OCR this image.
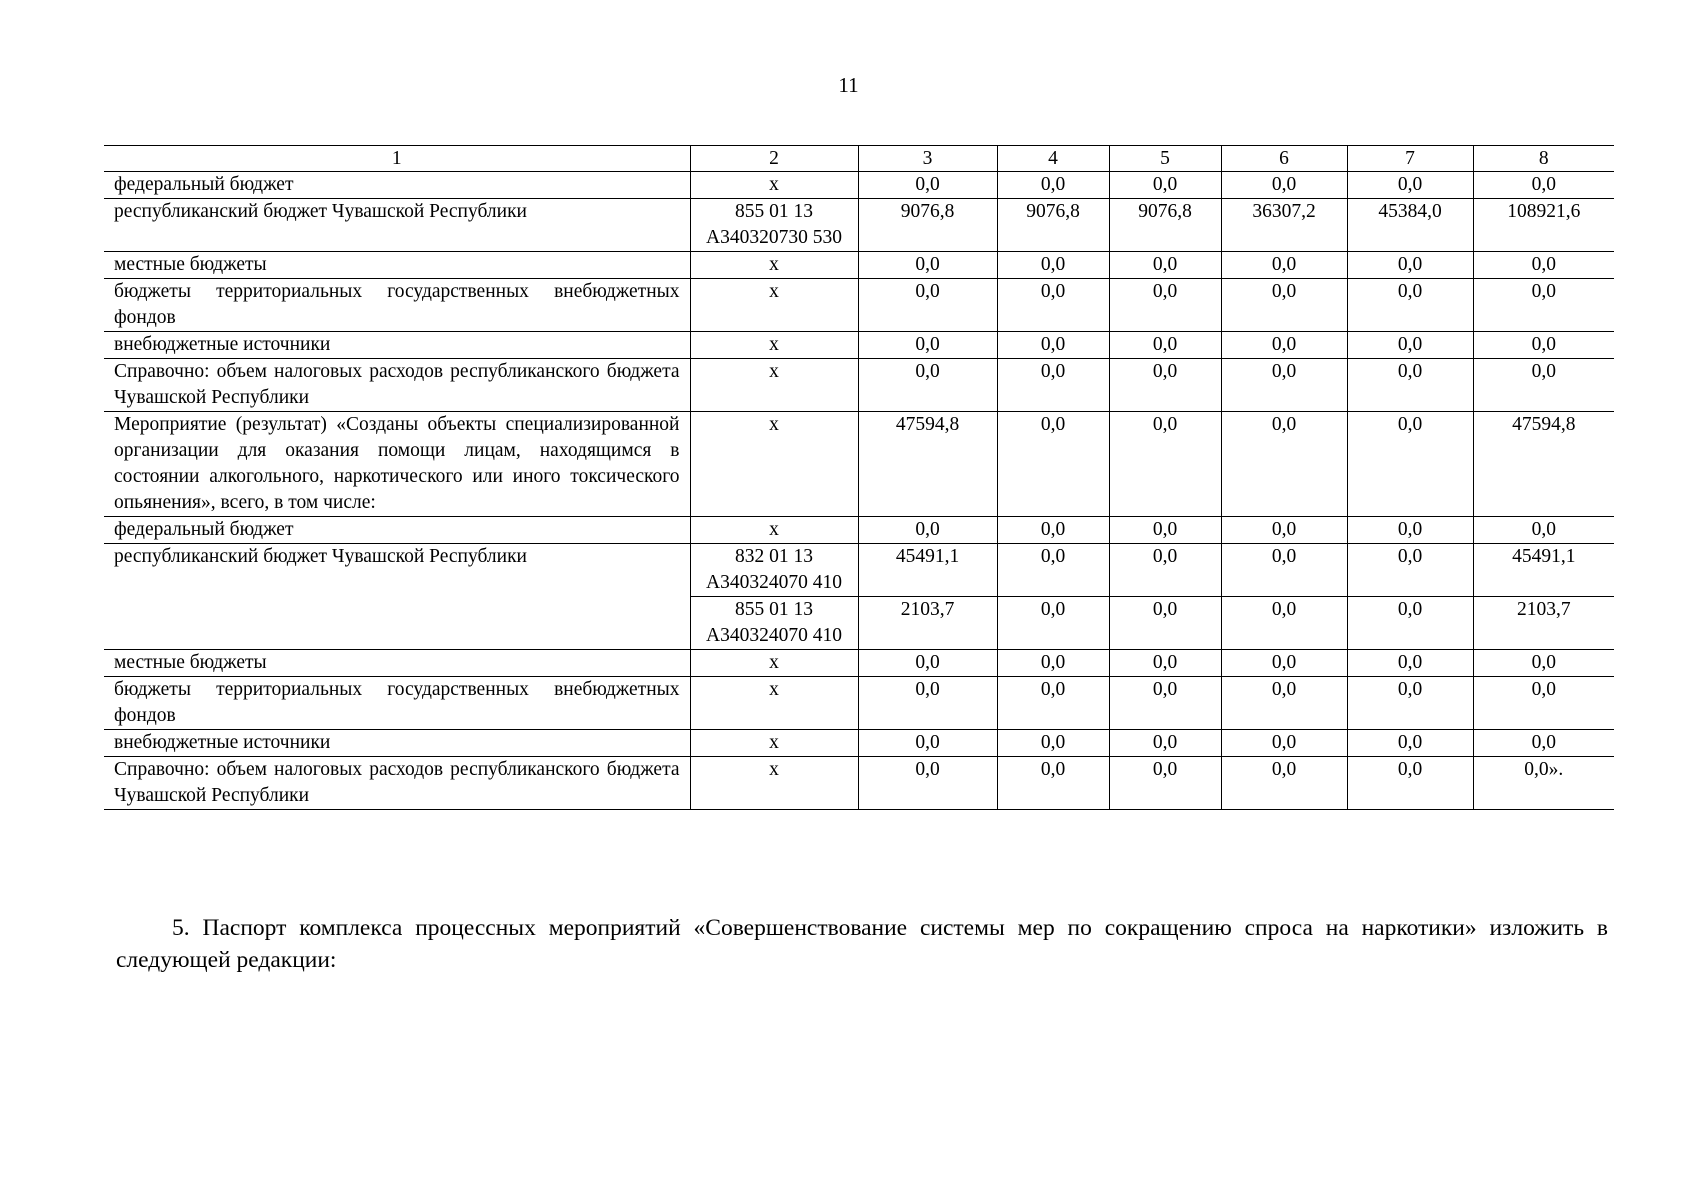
11
1	2	3	4	5	6	7	8
федеральный бюджет	x	0,0	0,0	0,0	0,0	0,0	0,0
республиканский бюджет Чувашской Республики	855 01 13 А340320730 530	9076,8	9076,8	9076,8	36307,2	45384,0	108921,6
местные бюджеты	x	0,0	0,0	0,0	0,0	0,0	0,0
бюджеты территориальных государственных внебюджетных фондов	x	0,0	0,0	0,0	0,0	0,0	0,0
внебюджетные источники	x	0,0	0,0	0,0	0,0	0,0	0,0
Справочно: объем налоговых расходов республиканского бюджета Чувашской Республики	x	0,0	0,0	0,0	0,0	0,0	0,0
Мероприятие (результат) «Созданы объекты специализированной организации для оказания помощи лицам, находящимся в состоянии алкогольного, наркотического или иного токсического опьянения», всего, в том числе:	x	47594,8	0,0	0,0	0,0	0,0	47594,8
федеральный бюджет	x	0,0	0,0	0,0	0,0	0,0	0,0
республиканский бюджет Чувашской Республики	832 01 13 А340324070 410	45491,1	0,0	0,0	0,0	0,0	45491,1
	855 01 13 А340324070 410	2103,7	0,0	0,0	0,0	0,0	2103,7
местные бюджеты	x	0,0	0,0	0,0	0,0	0,0	0,0
бюджеты территориальных государственных внебюджетных фондов	x	0,0	0,0	0,0	0,0	0,0	0,0
внебюджетные источники	x	0,0	0,0	0,0	0,0	0,0	0,0
Справочно: объем налоговых расходов республиканского бюджета Чувашской Республики	x	0,0	0,0	0,0	0,0	0,0	0,0».
5. Паспорт комплекса процессных мероприятий «Совершенствование системы мер по сокращению спроса на наркотики» изложить в следующей редакции:
